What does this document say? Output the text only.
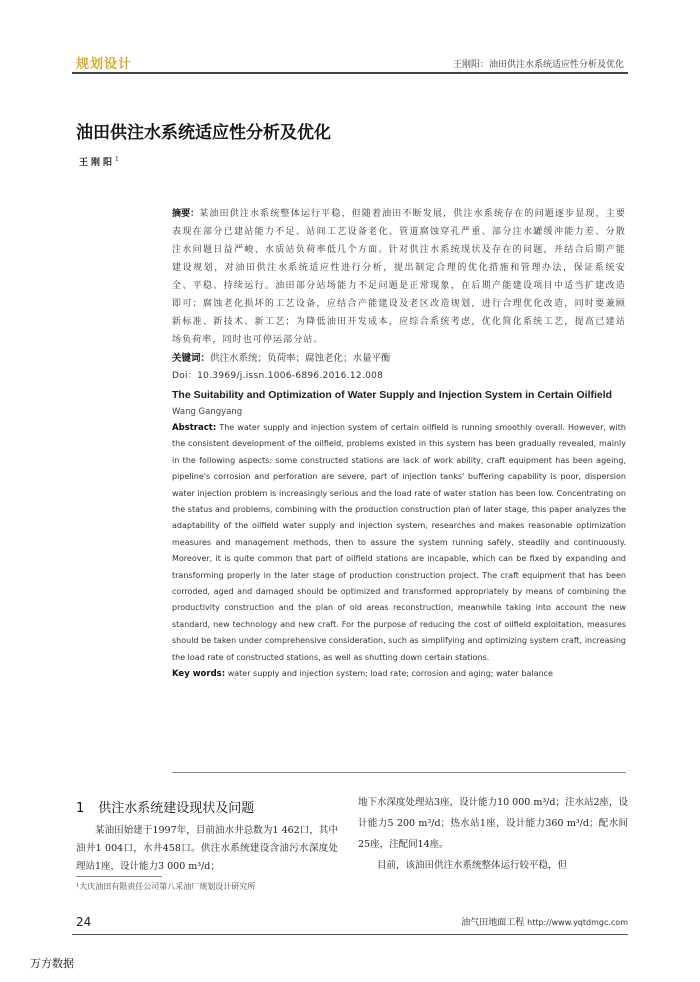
规划设计	王刚阳：油田供注水系统适应性分析及优化
油田供注水系统适应性分析及优化
王刚阳$^1$

摘要：某油田供注水系统整体运行平稳，但随着油田不断发展，供注水系统存在的问题逐步显现，主要表现在部分已建站能力不足、站间工艺设备老化、管道腐蚀穿孔严重、部分注水罐缓冲能力差、分散注水问题日益严峻、水质站负荷率低几个方面。针对供注水系统现状及存在的问题，并结合后期产能建设规划，对油田供注水系统适应性进行分析，提出制定合理的优化措施和管理办法，保证系统安全、平稳、持续运行。油田部分站场能力不足问题是正常现象，在后期产能建设项目中适当扩建改造即可；腐蚀老化损坏的工艺设备，应结合产能建设及老区改造规划，进行合理优化改造，同时要兼顾新标准、新技术、新工艺；为降低油田开发成本，应综合系统考虑，优化简化系统工艺，提高已建站场负荷率，同时也可停运部分站。

关键词：供注水系统；负荷率；腐蚀老化；水量平衡

Doi：10.3969/j.issn.1006-6896.2016.12.008

The Suitability and Optimization of Water Supply and Injection System in Certain Oilfield

Wang Gangyang

Abstract: The water supply and injection system of certain oilfield is running smoothly overall. However, with the consistent development of the oilfield, problems existed in this system has been gradually revealed, mainly in the following aspects: some constructed stations are lack of work ability, craft equipment has been ageing, pipeline's corrosion and perforation are severe, part of injection tanks' buffering capability is poor, dispersion water injection problem is increasingly serious and the load rate of water station has been low. Concentrating on the status and problems, combining with the production construction plan of later stage, this paper analyzes the adaptability of the oilfield water supply and injection system, researches and makes reasonable optimization measures and management methods, then to assure the system running safely, steadily and continuously. Moreover, it is quite common that part of oilfield stations are incapable, which can be fixed by expanding and transforming properly in the later stage of production construction project. The craft equipment that has been corroded, aged and damaged should be optimized and transformed appropriately by means of combining the productivity construction and the plan of old areas reconstruction, meanwhile taking into account the new standard, new technology and new craft. For the purpose of reducing the cost of oilfield exploitation, measures should be taken under comprehensive consideration, such as simplifying and optimizing system craft, increasing the load rate of constructed stations, as well as shutting down certain stations.

Key words: water supply and injection system; load rate; corrosion and aging; water balance

1 供注水系统建设现状及问题

某油田始建于1997年，目前油水井总数为1 462口，其中油井1 004口，水井458口。供注水系统建设含油污水深度处理站1座，设计能力3 000 m³/d；

地下水深度处理站3座，设计能力10 000 m³/d；注水站2座，设计能力5 200 m³/d；热水站1座，设计能力360 m³/d；配水间25座，注配间14座。

目前，该油田供注水系统整体运行较平稳，但

¹大庆油田有限责任公司第八采油厂规划设计研究所
24	油气田地面工程 http://www.yqtdmgc.com
万方数据
